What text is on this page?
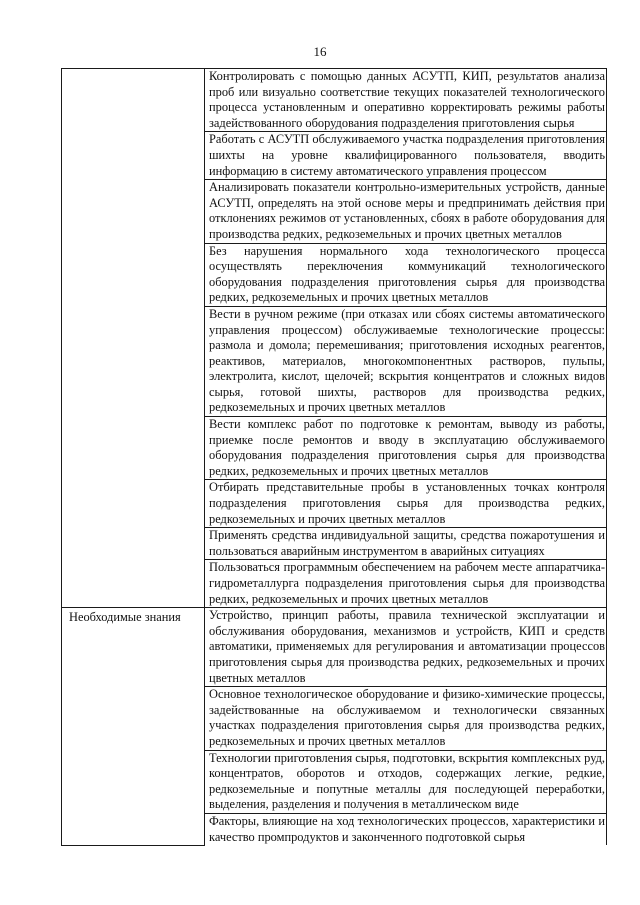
16
	Контролировать с помощью данных АСУТП, КИП, результатов анализа проб или визуально соответствие текущих показателей технологического процесса установленным и оперативно корректировать режимы работы задействованного оборудования подразделения приготовления сырья
	Работать с АСУТП обслуживаемого участка подразделения приготовления шихты на уровне квалифицированного пользователя, вводить информацию в систему автоматического управления процессом
	Анализировать показатели контрольно-измерительных устройств, данные АСУТП, определять на этой основе меры и предпринимать действия при отклонениях режимов от установленных, сбоях в работе оборудования для производства редких, редкоземельных и прочих цветных металлов
	Без нарушения нормального хода технологического процесса осуществлять переключения коммуникаций технологического оборудования подразделения приготовления сырья для производства редких, редкоземельных и прочих цветных металлов
	Вести в ручном режиме (при отказах или сбоях системы автоматического управления процессом) обслуживаемые технологические процессы: размола и домола; перемешивания; приготовления исходных реагентов, реактивов, материалов, многокомпонентных растворов, пульпы, электролита, кислот, щелочей; вскрытия концентратов и сложных видов сырья, готовой шихты, растворов для производства редких, редкоземельных и прочих цветных металлов
	Вести комплекс работ по подготовке к ремонтам, выводу из работы, приемке после ремонтов и вводу в эксплуатацию обслуживаемого оборудования подразделения приготовления сырья для производства редких, редкоземельных и прочих цветных металлов
	Отбирать представительные пробы в установленных точках контроля подразделения приготовления сырья для производства редких, редкоземельных и прочих цветных металлов
	Применять средства индивидуальной защиты, средства пожаротушения и пользоваться аварийным инструментом в аварийных ситуациях
	Пользоваться программным обеспечением на рабочем месте аппаратчика-гидрометаллурга подразделения приготовления сырья для производства редких, редкоземельных и прочих цветных металлов

Необходимые знания	Устройство, принцип работы, правила технической эксплуатации и обслуживания оборудования, механизмов и устройств, КИП и средств автоматики, применяемых для регулирования и автоматизации процессов приготовления сырья для производства редких, редкоземельных и прочих цветных металлов
	Основное технологическое оборудование и физико-химические процессы, задействованные на обслуживаемом и технологически связанных участках подразделения приготовления сырья для производства редких, редкоземельных и прочих цветных металлов
	Технологии приготовления сырья, подготовки, вскрытия комплексных руд, концентратов, оборотов и отходов, содержащих легкие, редкие, редкоземельные и попутные металлы для последующей переработки, выделения, разделения и получения в металлическом виде
	Факторы, влияющие на ход технологических процессов, характеристики и качество промпродуктов и законченного подготовкой сырья
